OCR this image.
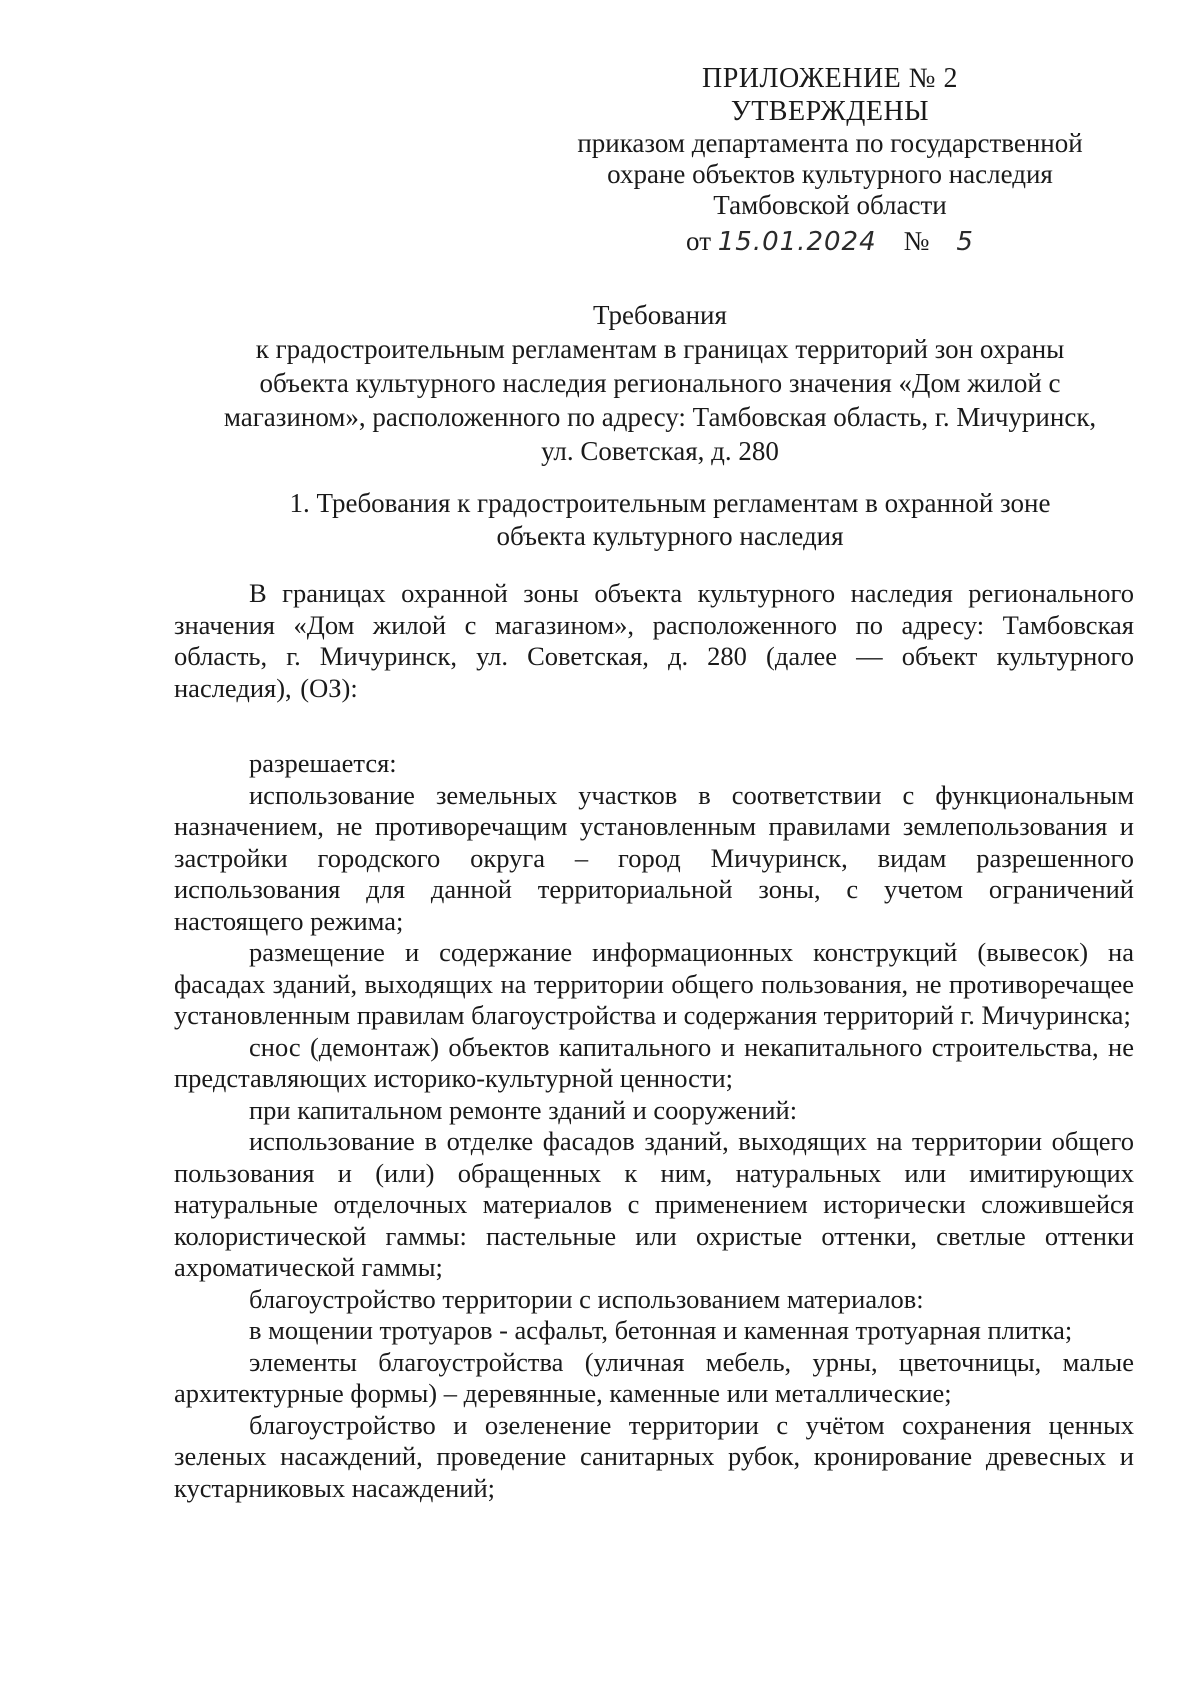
ПРИЛОЖЕНИЕ № 2
УТВЕРЖДЕНЫ
приказом департамента по государственной
охране объектов культурного наследия
Тамбовской области
от 15.01.2024 № 5
Требования
к градостроительным регламентам в границах территорий зон охраны
объекта культурного наследия регионального значения «Дом жилой с
магазином», расположенного по адресу: Тамбовская область, г. Мичуринск,
ул. Советская, д. 280
1. Требования к градостроительным регламентам в охранной зоне
объекта культурного наследия

В границах охранной зоны объекта культурного наследия регионального значения «Дом жилой с магазином», расположенного по адресу: Тамбовская область, г. Мичуринск, ул. Советская, д. 280 (далее — объект культурного наследия), (ОЗ):

разрешается:

использование земельных участков в соответствии с функциональным назначением, не противоречащим установленным правилами землепользования и застройки городского округа – город Мичуринск, видам разрешенного использования для данной территориальной зоны, с учетом ограничений настоящего режима;

размещение и содержание информационных конструкций (вывесок) на фасадах зданий, выходящих на территории общего пользования, не противоречащее установленным правилам благоустройства и содержания территорий г. Мичуринска;

снос (демонтаж) объектов капитального и некапитального строительства, не представляющих историко-культурной ценности;

при капитальном ремонте зданий и сооружений:

использование в отделке фасадов зданий, выходящих на территории общего пользования и (или) обращенных к ним, натуральных или имитирующих натуральные отделочных материалов с применением исторически сложившейся колористической гаммы: пастельные или охристые оттенки, светлые оттенки ахроматической гаммы;

благоустройство территории с использованием материалов:

в мощении тротуаров - асфальт, бетонная и каменная тротуарная плитка;

элементы благоустройства (уличная мебель, урны, цветочницы, малые архитектурные формы) – деревянные, каменные или металлические;

благоустройство и озеленение территории с учётом сохранения ценных зеленых насаждений, проведение санитарных рубок, кронирование древесных и кустарниковых насаждений;
